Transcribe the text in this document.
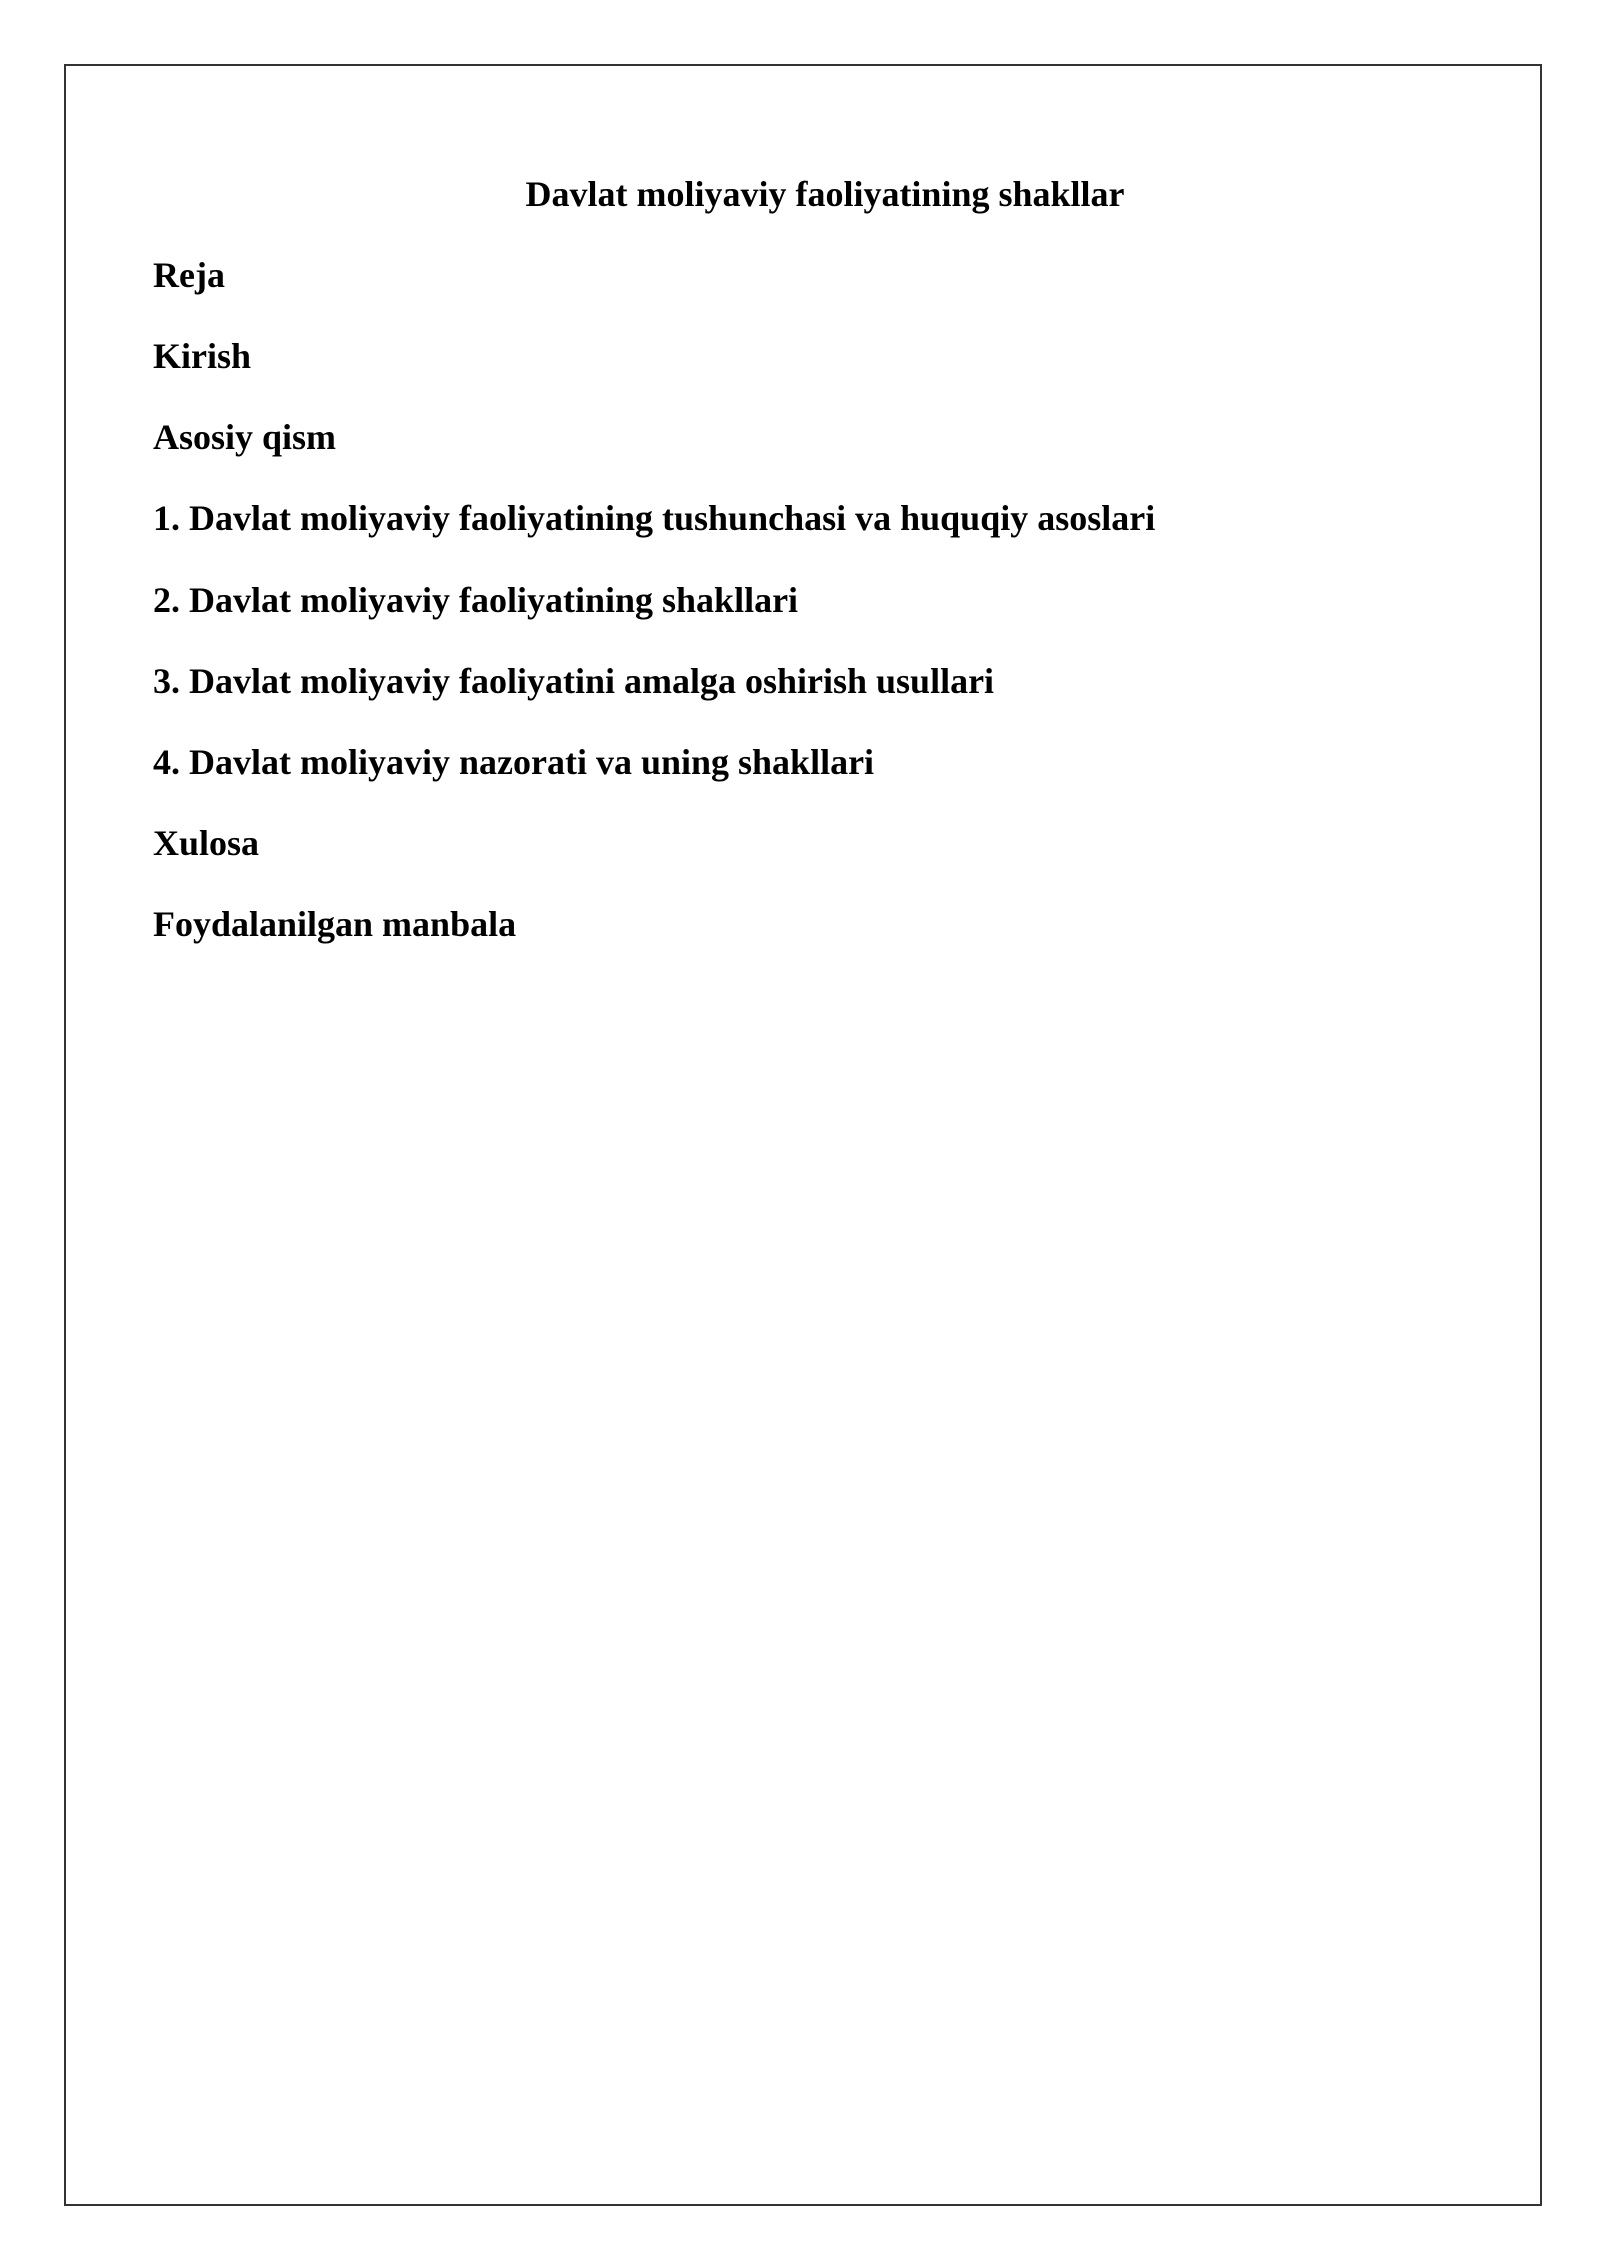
Davlat moliyaviy faoliyatining shakllar
Reja
Kirish
Asosiy qism
1. Davlat moliyaviy faoliyatining tushunchasi va huquqiy asoslari
2. Davlat moliyaviy faoliyatining shakllari
3. Davlat moliyaviy faoliyatini amalga oshirish usullari
4. Davlat moliyaviy nazorati va uning shakllari
Xulosa
Foydalanilgan manbala
